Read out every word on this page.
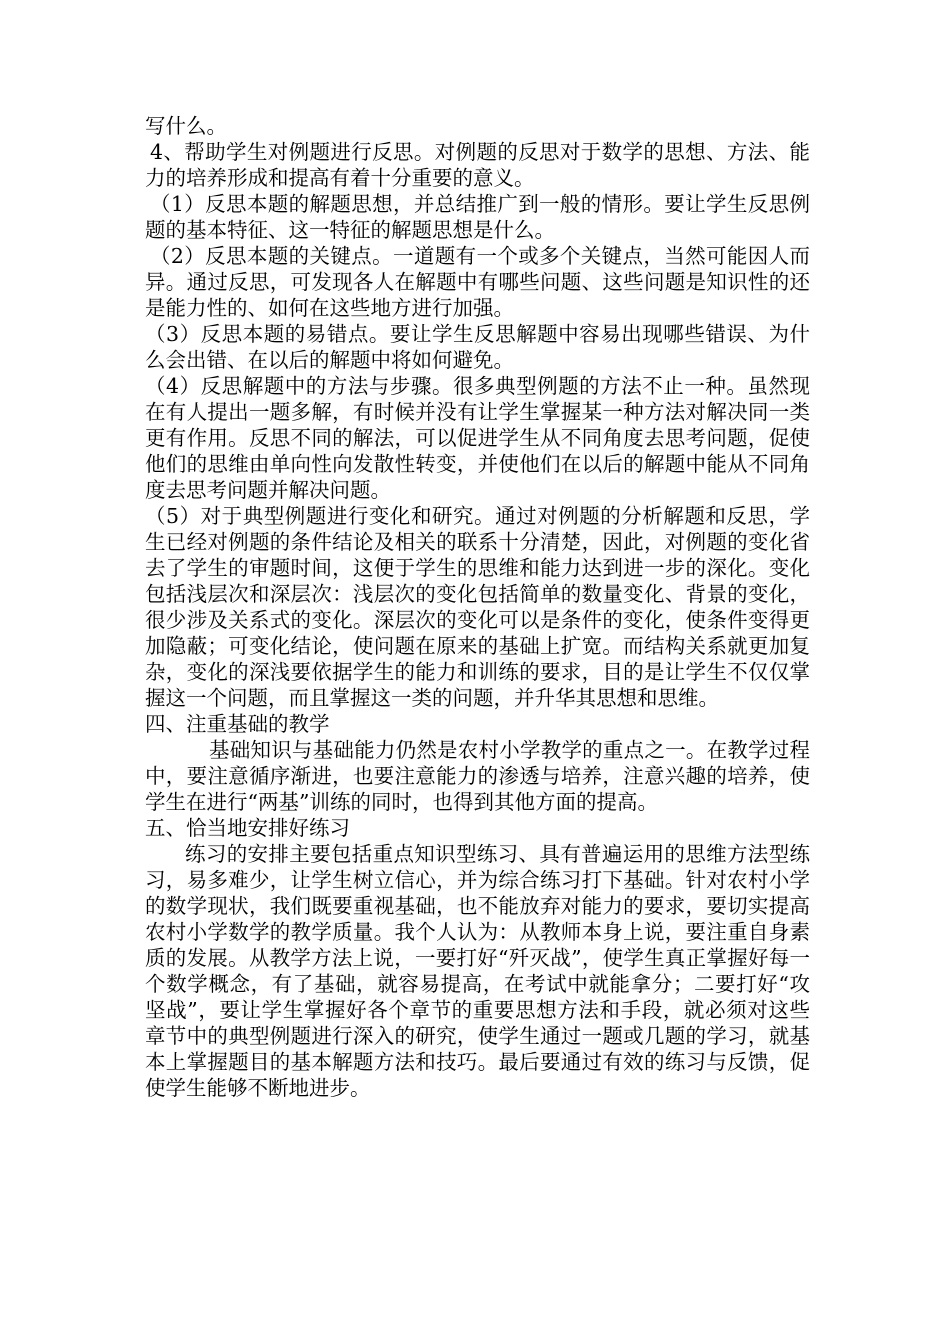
写什么。

4、帮助学生对例题进行反思。对例题的反思对于数学的思想、方法、能力的培养形成和提高有着十分重要的意义。

（1）反思本题的解题思想，并总结推广到一般的情形。要让学生反思例题的基本特征、这一特征的解题思想是什么。

（2）反思本题的关键点。一道题有一个或多个关键点，当然可能因人而异。通过反思，可发现各人在解题中有哪些问题、这些问题是知识性的还是能力性的、如何在这些地方进行加强。

（3）反思本题的易错点。要让学生反思解题中容易出现哪些错误、为什么会出错、在以后的解题中将如何避免。

（4）反思解题中的方法与步骤。很多典型例题的方法不止一种。虽然现在有人提出一题多解，有时候并没有让学生掌握某一种方法对解决同一类更有作用。反思不同的解法，可以促进学生从不同角度去思考问题，促使他们的思维由单向性向发散性转变，并使他们在以后的解题中能从不同角度去思考问题并解决问题。

（5）对于典型例题进行变化和研究。通过对例题的分析解题和反思，学生已经对例题的条件结论及相关的联系十分清楚，因此，对例题的变化省去了学生的审题时间，这便于学生的思维和能力达到进一步的深化。变化包括浅层次和深层次：浅层次的变化包括简单的数量变化、背景的变化，很少涉及关系式的变化。深层次的变化可以是条件的变化，使条件变得更加隐蔽；可变化结论，使问题在原来的基础上扩宽。而结构关系就更加复杂，变化的深浅要依据学生的能力和训练的要求，目的是让学生不仅仅掌握这一个问题，而且掌握这一类的问题，并升华其思想和思维。

四、注重基础的教学

基础知识与基础能力仍然是农村小学教学的重点之一。在教学过程中，要注意循序渐进，也要注意能力的渗透与培养，注意兴趣的培养，使学生在进行“两基”训练的同时，也得到其他方面的提高。

五、恰当地安排好练习

练习的安排主要包括重点知识型练习、具有普遍运用的思维方法型练习，易多难少，让学生树立信心，并为综合练习打下基础。针对农村小学的数学现状，我们既要重视基础，也不能放弃对能力的要求，要切实提高农村小学数学的教学质量。我个人认为：从教师本身上说，要注重自身素质的发展。从教学方法上说，一要打好“歼灭战”，使学生真正掌握好每一个数学概念，有了基础，就容易提高，在考试中就能拿分；二要打好“攻坚战”，要让学生掌握好各个章节的重要思想方法和手段，就必须对这些章节中的典型例题进行深入的研究，使学生通过一题或几题的学习，就基本上掌握题目的基本解题方法和技巧。最后要通过有效的练习与反馈，促使学生能够不断地进步。
